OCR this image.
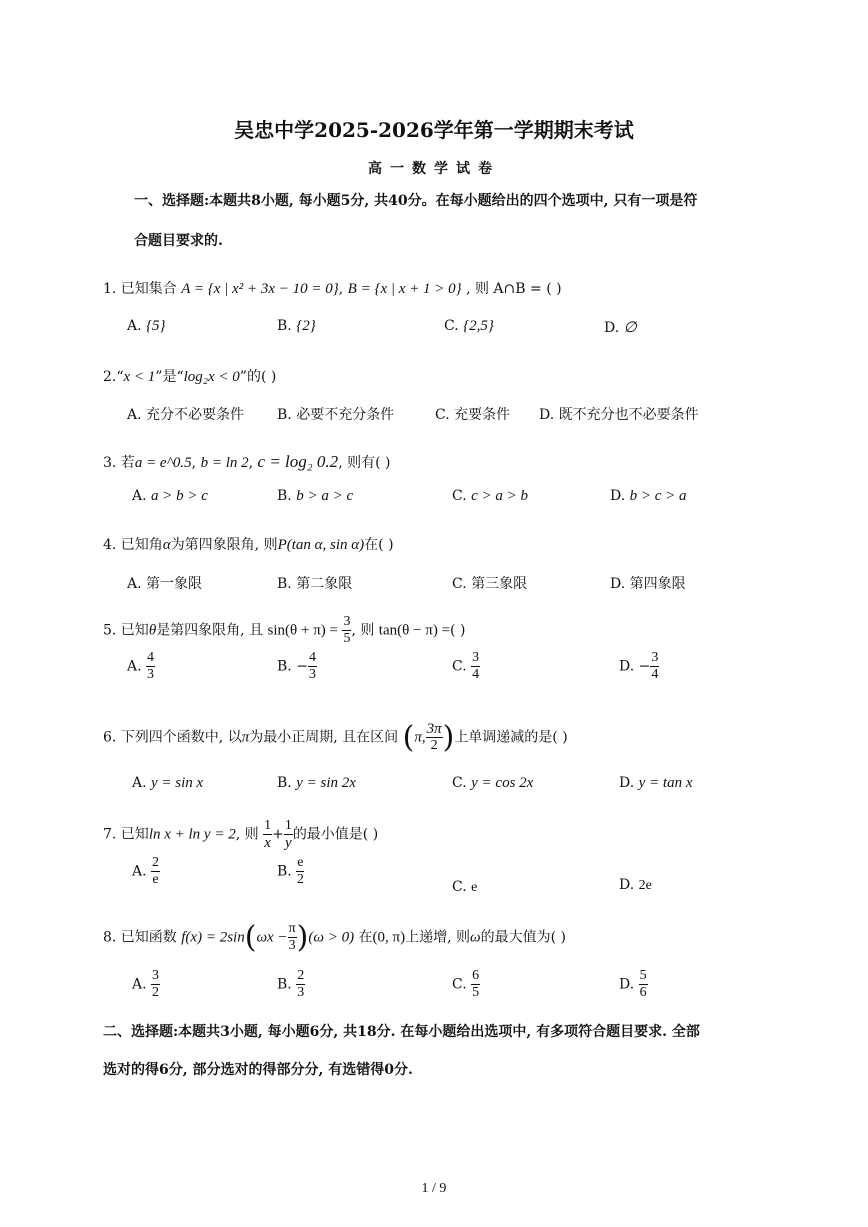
吴忠中学2025-2026学年第一学期期末考试
高一数学试卷
一、选择题:本题共8小题, 每小题5分, 共40分。在每小题给出的四个选项中, 只有一项是符
合题目要求的.
1. 已知集合 A = {x | x² + 3x − 10 = 0}, B = {x | x + 1 > 0} , 则 A∩B = ( )
A. {5}	B. {2}	C. {2,5}	D. ∅
2.“x < 1”是“log₂x < 0”的( )
A. 充分不必要条件 B. 必要不充分条件	C. 充要条件 D. 既不充分也不必要条件
3. 若a = e^0.5, b = ln 2, c = log₂ 0.2, 则有( )
A. a > b > c	B. b > a > c	C. c > a > b	D. b > c > a
4. 已知角α为第四象限角, 则P(tan α, sin α)在( )
A. 第一象限	B. 第二象限	C. 第三象限	D. 第四象限
5. 已知θ是第四象限角, 且 $\sin(\theta + \pi) = \frac{3}{5}$ , 则 tan(θ − π) =( )
A. $\frac{4}{3}$	B. − $\frac{4}{3}$	C. $\frac{3}{4}$	D. − $\frac{3}{4}$
6. 下列四个函数中, 以π为最小正周期, 且在区间 (π, $\frac{3\pi}{2}$ )上单调递减的是( )
A. y = sin x	B. y = sin 2x	C. y = cos 2x	D. y = tan x
7. 已知ln x + ln y = 2, 则 $\frac{1}{x} + \frac{1}{y}$ 的最小值是( )
A. $\frac{2}{e}$	B. $\frac{e}{2}$	C. e	D. 2e
8. 已知函数 $f(x) = 2\sin(\omega x - \frac{\pi}{3} )(\omega > 0)$ 在(0, π)上递增, 则ω的最大值为( )
A. $\frac{3}{2}$	B. $\frac{2}{3}$	C. $\frac{6}{5}$	D. $\frac{5}{6}$
二、选择题:本题共3小题, 每小题6分, 共18分. 在每小题给出选项中, 有多项符合题目要求. 全部
选对的得6分, 部分选对的得部分分, 有选错得0分.
1 / 9
